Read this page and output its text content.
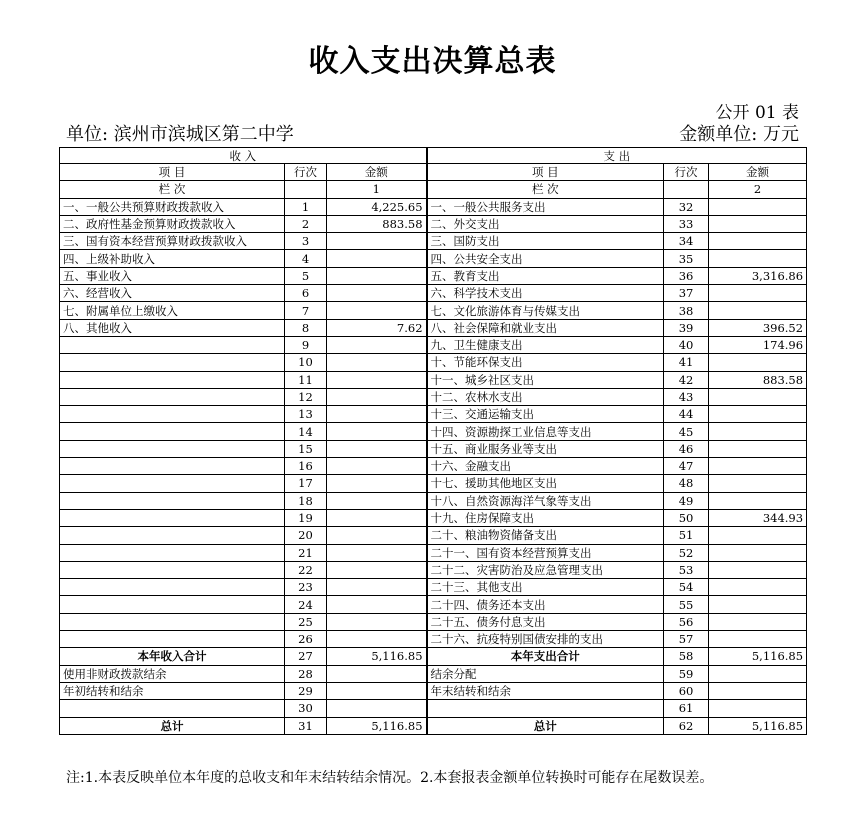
收入支出决算总表
公开 01 表
单位: 滨州市滨城区第二中学	金额单位: 万元
收 入			支 出		
项 目	行次	金额	项 目	行次	金额
栏 次		1	栏 次		2
一、一般公共预算财政拨款收入	1	4,225.65	一、一般公共服务支出	32	
二、政府性基金预算财政拨款收入	2	883.58	二、外交支出	33	
三、国有资本经营预算财政拨款收入	3		三、国防支出	34	
四、上级补助收入	4		四、公共安全支出	35	
五、事业收入	5		五、教育支出	36	3,316.86
六、经营收入	6		六、科学技术支出	37	
七、附属单位上缴收入	7		七、文化旅游体育与传媒支出	38	
八、其他收入	8	7.62	八、社会保障和就业支出	39	396.52
	9		九、卫生健康支出	40	174.96
	10		十、节能环保支出	41	
	11		十一、城乡社区支出	42	883.58
	12		十二、农林水支出	43	
	13		十三、交通运输支出	44	
	14		十四、资源勘探工业信息等支出	45	
	15		十五、商业服务业等支出	46	
	16		十六、金融支出	47	
	17		十七、援助其他地区支出	48	
	18		十八、自然资源海洋气象等支出	49	
	19		十九、住房保障支出	50	344.93
	20		二十、粮油物资储备支出	51	
	21		二十一、国有资本经营预算支出	52	
	22		二十二、灾害防治及应急管理支出	53	
	23		二十三、其他支出	54	
	24		二十四、债务还本支出	55	
	25		二十五、债务付息支出	56	
	26		二十六、抗疫特别国债安排的支出	57	
本年收入合计	27	5,116.85	本年支出合计	58	5,116.85
使用非财政拨款结余	28		结余分配	59	
年初结转和结余	29		年末结转和结余	60	
	30			61	
总计	31	5,116.85	总计	62	5,116.85
注:1.本表反映单位本年度的总收支和年末结转结余情况。2.本套报表金额单位转换时可能存在尾数误差。
